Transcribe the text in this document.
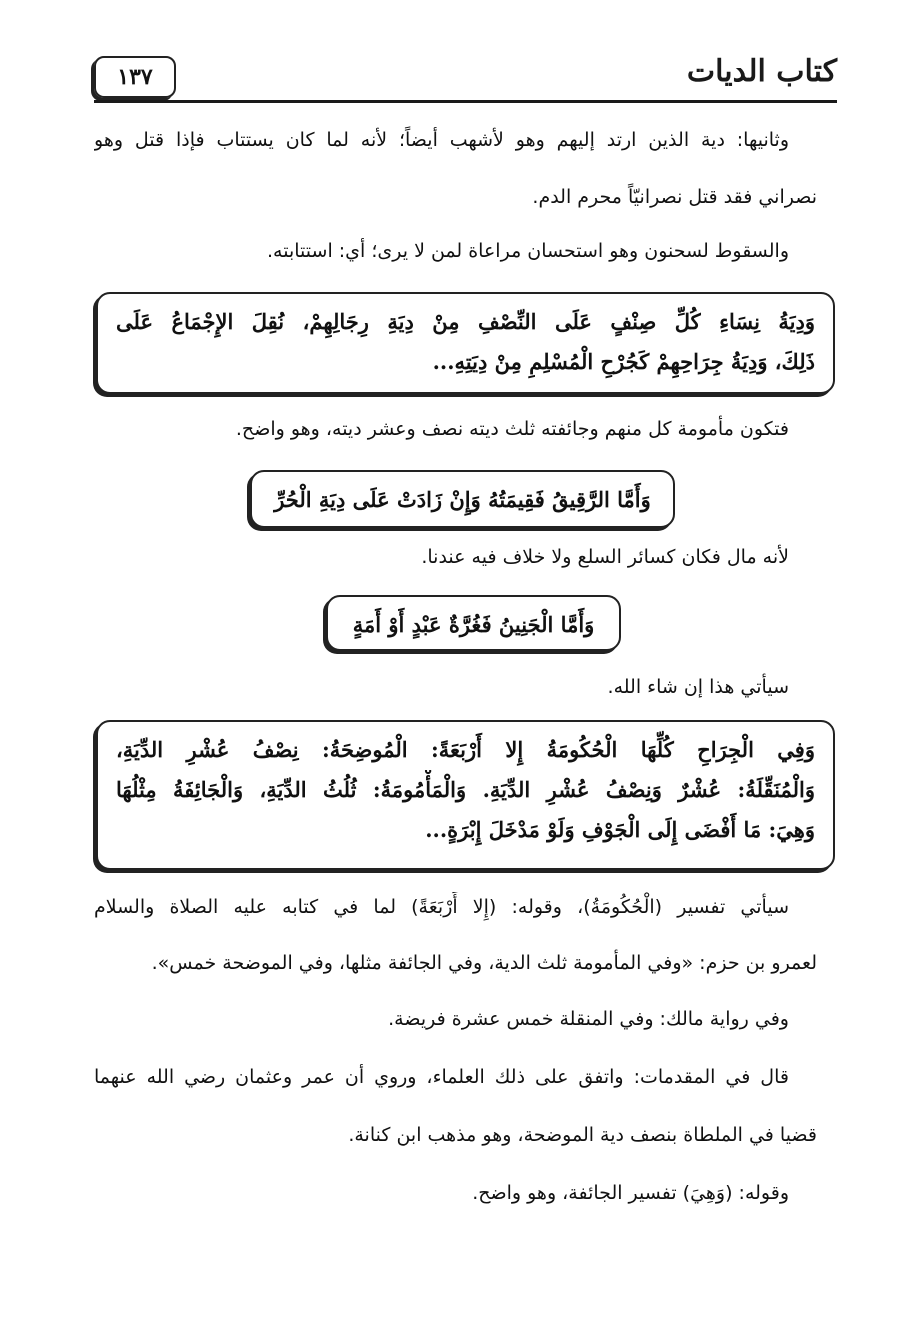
كتاب الديات
١٣٧
وثانيها: دية الذين ارتد إليهم وهو لأشهب أيضاً؛ لأنه لما كان يستتاب فإذا قتل وهو
نصراني فقد قتل نصرانيّاً محرم الدم.
والسقوط لسحنون وهو استحسان مراعاة لمن لا يرى؛ أي: استتابته.
وَدِيَةُ نِسَاءِ كُلِّ صِنْفٍ عَلَى النِّصْفِ مِنْ دِيَةِ رِجَالِهِمْ، نُقِلَ الإِجْمَاعُ عَلَى
ذَلِكَ، وَدِيَةُ جِرَاحِهِمْ كَجُرْحِ الْمُسْلِمِ مِنْ دِيَتِهِ...
فتكون مأمومة كل منهم وجائفته ثلث ديته نصف وعشر ديته، وهو واضح.
وَأَمَّا الرَّقِيقُ فَقِيمَتُهُ وَإِنْ زَادَتْ عَلَى دِيَةِ الْحُرِّ
لأنه مال فكان كسائر السلع ولا خلاف فيه عندنا.
وَأَمَّا الْجَنِينُ فَغُرَّةٌ عَبْدٍ أَوْ أَمَةٍ
سيأتي هذا إن شاء الله.
وَفِي الْجِرَاحِ كُلِّهَا الْحُكُومَةُ إِلا أَرْبَعَةً: الْمُوضِحَةُ: نِصْفُ عُشْرِ الدِّيَةِ،
وَالْمُنَقِّلَةُ: عُشْرٌ وَنِصْفُ عُشْرِ الدِّيَةِ. وَالْمَأْمُومَةُ: ثُلُثُ الدِّيَةِ، وَالْجَائِفَةُ مِثْلُهَا
وَهِيَ: مَا أَفْضَى إِلَى الْجَوْفِ وَلَوْ مَدْخَلَ إِبْرَةٍ...
سيأتي تفسير (الْحُكُومَةُ)، وقوله: (إِلا أَرْبَعَةً) لما في كتابه عليه الصلاة والسلام
لعمرو بن حزم: «وفي المأمومة ثلث الدية، وفي الجائفة مثلها، وفي الموضحة خمس».
وفي رواية مالك: وفي المنقلة خمس عشرة فريضة.
قال في المقدمات: واتفق على ذلك العلماء، وروي أن عمر وعثمان رضي الله عنهما
قضيا في الملطاة بنصف دية الموضحة، وهو مذهب ابن كنانة.
وقوله: (وَهِيَ) تفسير الجائفة، وهو واضح.
